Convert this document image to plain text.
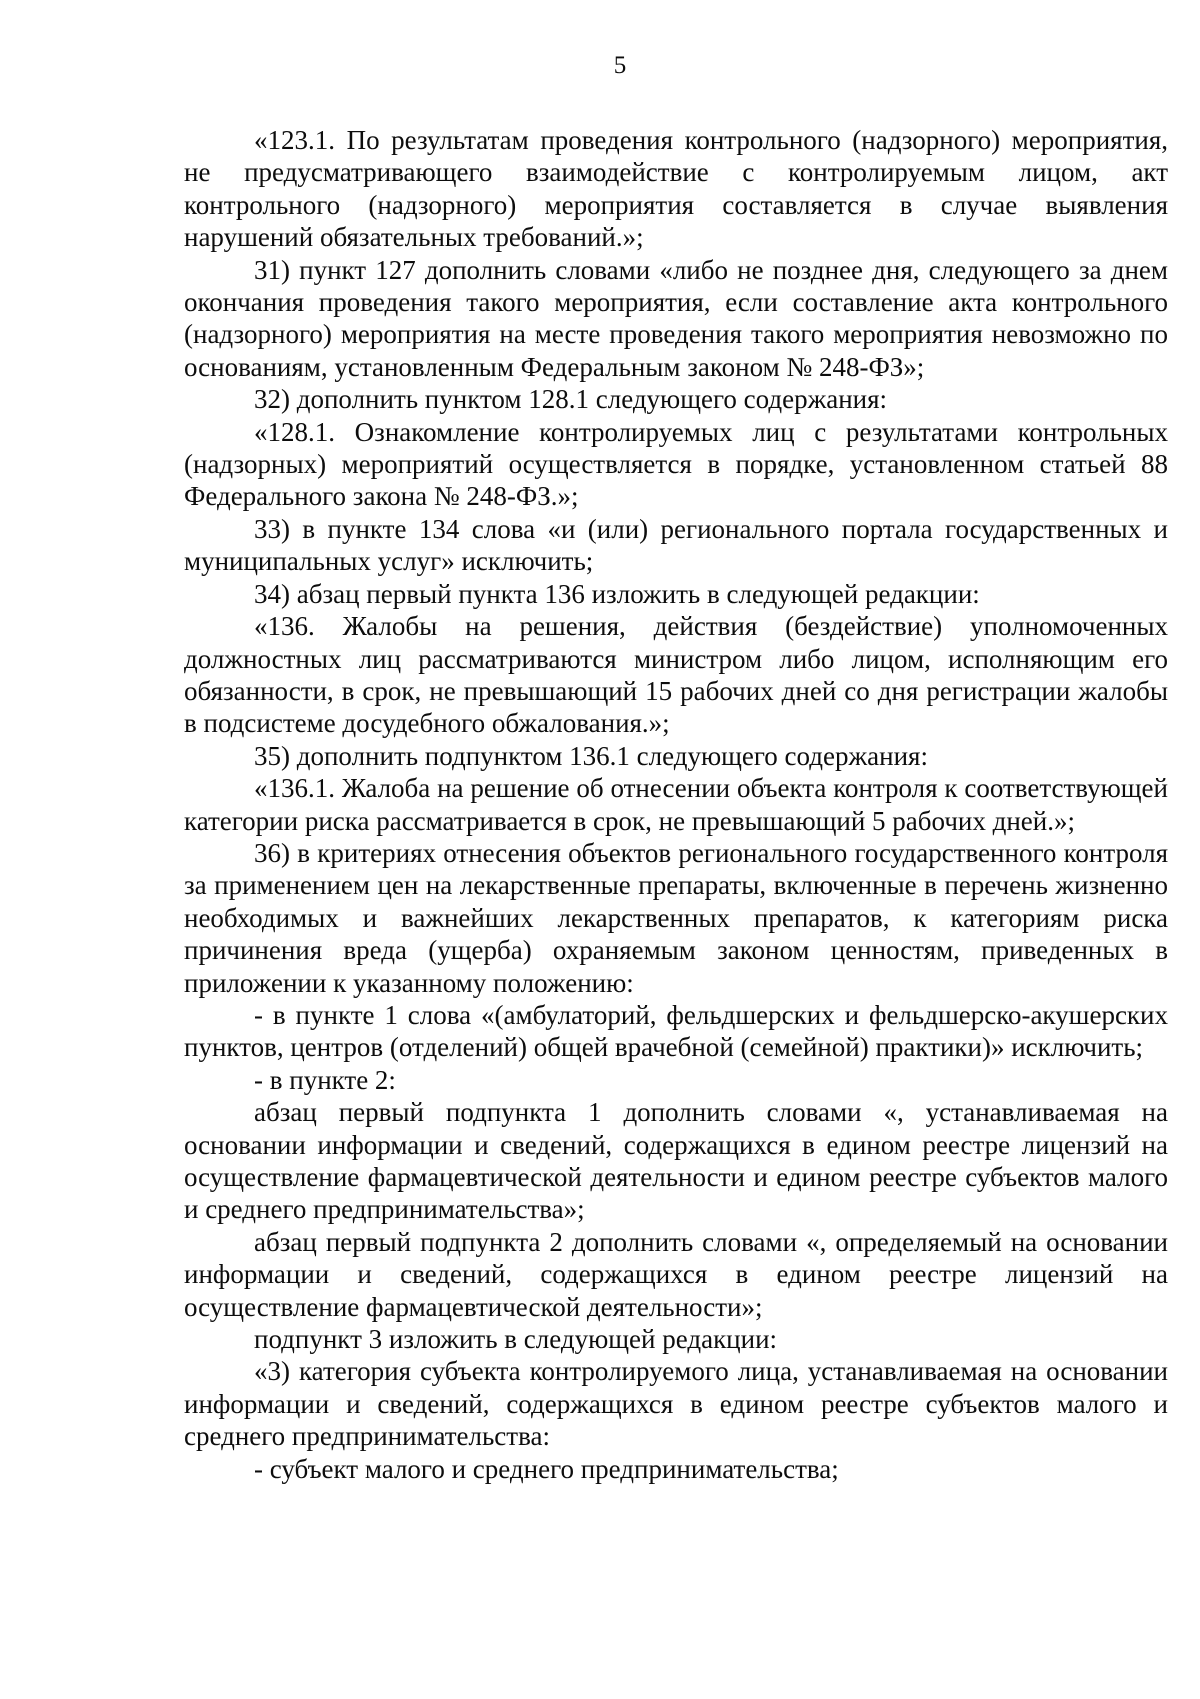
5

«123.1. По результатам проведения контрольного (надзорного) мероприятия, не предусматривающего взаимодействие с контролируемым лицом, акт контрольного (надзорного) мероприятия составляется в случае выявления нарушений обязательных требований.»;

31) пункт 127 дополнить словами «либо не позднее дня, следующего за днем окончания проведения такого мероприятия, если составление акта контрольного (надзорного) мероприятия на месте проведения такого мероприятия невозможно по основаниям, установленным Федеральным законом № 248-ФЗ»;

32) дополнить пунктом 128.1 следующего содержания:

«128.1. Ознакомление контролируемых лиц с результатами контрольных (надзорных) мероприятий осуществляется в порядке, установленном статьей 88 Федерального закона № 248-ФЗ.»;

33) в пункте 134 слова «и (или) регионального портала государственных и муниципальных услуг» исключить;

34) абзац первый пункта 136 изложить в следующей редакции:

«136. Жалобы на решения, действия (бездействие) уполномоченных должностных лиц рассматриваются министром либо лицом, исполняющим его обязанности, в срок, не превышающий 15 рабочих дней со дня регистрации жалобы в подсистеме досудебного обжалования.»;

35) дополнить подпунктом 136.1 следующего содержания:

«136.1. Жалоба на решение об отнесении объекта контроля к соответствующей категории риска рассматривается в срок, не превышающий 5 рабочих дней.»;

36) в критериях отнесения объектов регионального государственного контроля за применением цен на лекарственные препараты, включенные в перечень жизненно необходимых и важнейших лекарственных препаратов, к категориям риска причинения вреда (ущерба) охраняемым законом ценностям, приведенных в приложении к указанному положению:

- в пункте 1 слова «(амбулаторий, фельдшерских и фельдшерско-акушерских пунктов, центров (отделений) общей врачебной (семейной) практики)» исключить;

- в пункте 2:

абзац первый подпункта 1 дополнить словами «, устанавливаемая на основании информации и сведений, содержащихся в едином реестре лицензий на осуществление фармацевтической деятельности и едином реестре субъектов малого и среднего предпринимательства»;

абзац первый подпункта 2 дополнить словами «, определяемый на основании информации и сведений, содержащихся в едином реестре лицензий на осуществление фармацевтической деятельности»;

подпункт 3 изложить в следующей редакции:

«3) категория субъекта контролируемого лица, устанавливаемая на основании информации и сведений, содержащихся в едином реестре субъектов малого и среднего предпринимательства:

- субъект малого и среднего предпринимательства;
